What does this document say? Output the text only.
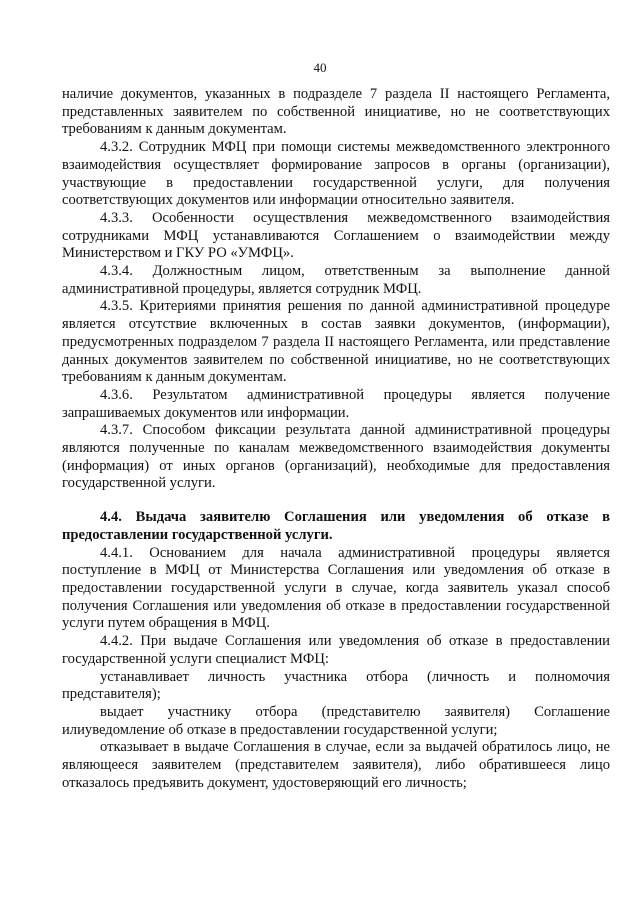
40

наличие документов, указанных в подразделе 7 раздела II настоящего Регламента, представленных заявителем по собственной инициативе, но не соответствующих требованиям к данным документам.

4.3.2. Сотрудник МФЦ при помощи системы межведомственного электронного взаимодействия осуществляет формирование запросов в органы (организации), участвующие в предоставлении государственной услуги, для получения соответствующих документов или информации относительно заявителя.

4.3.3. Особенности осуществления межведомственного взаимодействия сотрудниками МФЦ устанавливаются Соглашением о взаимодействии между Министерством и ГКУ РО «УМФЦ».

4.3.4. Должностным лицом, ответственным за выполнение данной административной процедуры, является сотрудник МФЦ.

4.3.5. Критериями принятия решения по данной административной процедуре является отсутствие включенных в состав заявки документов, (информации), предусмотренных подразделом 7 раздела II настоящего Регламента, или представление данных документов заявителем по собственной инициативе, но не соответствующих требованиям к данным документам.

4.3.6. Результатом административной процедуры является получение запрашиваемых документов или информации.

4.3.7. Способом фиксации результата данной административной процедуры являются полученные по каналам межведомственного взаимодействия документы (информация) от иных органов (организаций), необходимые для предоставления государственной услуги.

4.4. Выдача заявителю Соглашения или уведомления об отказе в предоставлении государственной услуги.

4.4.1. Основанием для начала административной процедуры является поступление в МФЦ от Министерства Соглашения или уведомления об отказе в предоставлении государственной услуги в случае, когда заявитель указал способ получения Соглашения или уведомления об отказе в предоставлении государственной услуги путем обращения в МФЦ.

4.4.2. При выдаче Соглашения или уведомления об отказе в предоставлении государственной услуги специалист МФЦ:

устанавливает личность участника отбора (личность и полномочия представителя);

выдает участнику отбора (представителю заявителя) Соглашение илиуведомление об отказе в предоставлении государственной услуги;

отказывает в выдаче Соглашения в случае, если за выдачей обратилось лицо, не являющееся заявителем (представителем заявителя), либо обратившееся лицо отказалось предъявить документ, удостоверяющий его личность;
